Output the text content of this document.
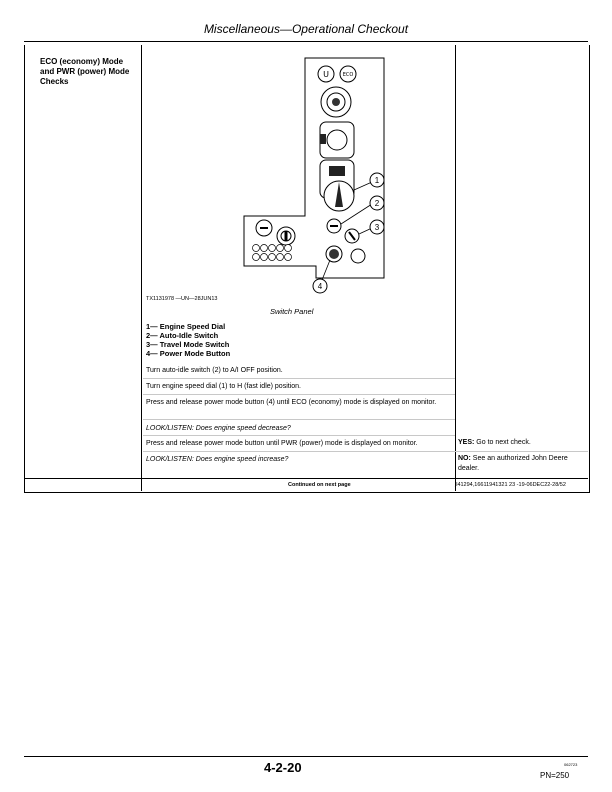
Miscellaneous—Operational Checkout
ECO (economy) Mode and PWR (power) Mode Checks
U	ECO
1
2
3
4
TX1131978 —UN—28JUN13
Switch Panel
1— Engine Speed Dial
2— Auto-Idle Switch
3— Travel Mode Switch
4— Power Mode Button
Turn auto-idle switch (2) to A/I OFF position.
Turn engine speed dial (1) to H (fast idle) position.
Press and release power mode button (4) until ECO (economy) mode is displayed on monitor.
LOOK/LISTEN: Does engine speed decrease?
Press and release power mode button until PWR (power) mode is displayed on monitor.
LOOK/LISTEN: Does engine speed increase?
YES: Go to next check.
NO: See an authorized John Deere dealer.
Continued on next page	jl41294,16611941321 23 -19-06DEC22-28/52
4-2-20	062723
PN=250
